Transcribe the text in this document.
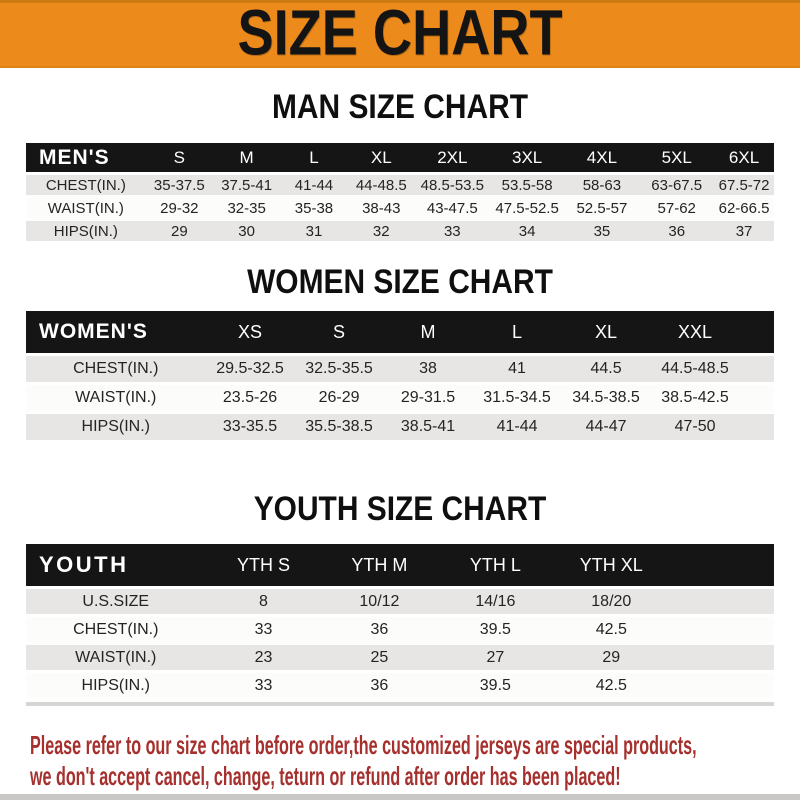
SIZE CHART
MAN SIZE CHART
MEN'S	S	M	L	XL	2XL	3XL	4XL	5XL	6XL
CHEST(IN.)	35-37.5	37.5-41	41-44	44-48.5	48.5-53.5	53.5-58	58-63	63-67.5	67.5-72
WAIST(IN.)	29-32	32-35	35-38	38-43	43-47.5	47.5-52.5	52.5-57	57-62	62-66.5
HIPS(IN.)	29	30	31	32	33	34	35	36	37
WOMEN SIZE CHART
WOMEN'S	XS	S	M	L	XL	XXL	
CHEST(IN.)	29.5-32.5	32.5-35.5	38	41	44.5	44.5-48.5	
WAIST(IN.)	23.5-26	26-29	29-31.5	31.5-34.5	34.5-38.5	38.5-42.5	
HIPS(IN.)	33-35.5	35.5-38.5	38.5-41	41-44	44-47	47-50	
YOUTH SIZE CHART
YOUTH	YTH S	YTH M	YTH L	YTH XL	
U.S.SIZE	8	10/12	14/16	18/20	
CHEST(IN.)	33	36	39.5	42.5	
WAIST(IN.)	23	25	27	29	
HIPS(IN.)	33	36	39.5	42.5	
Please refer to our size chart before order,the customized jerseys are special products,
we don't accept cancel, change, teturn or refund after order has been placed!
